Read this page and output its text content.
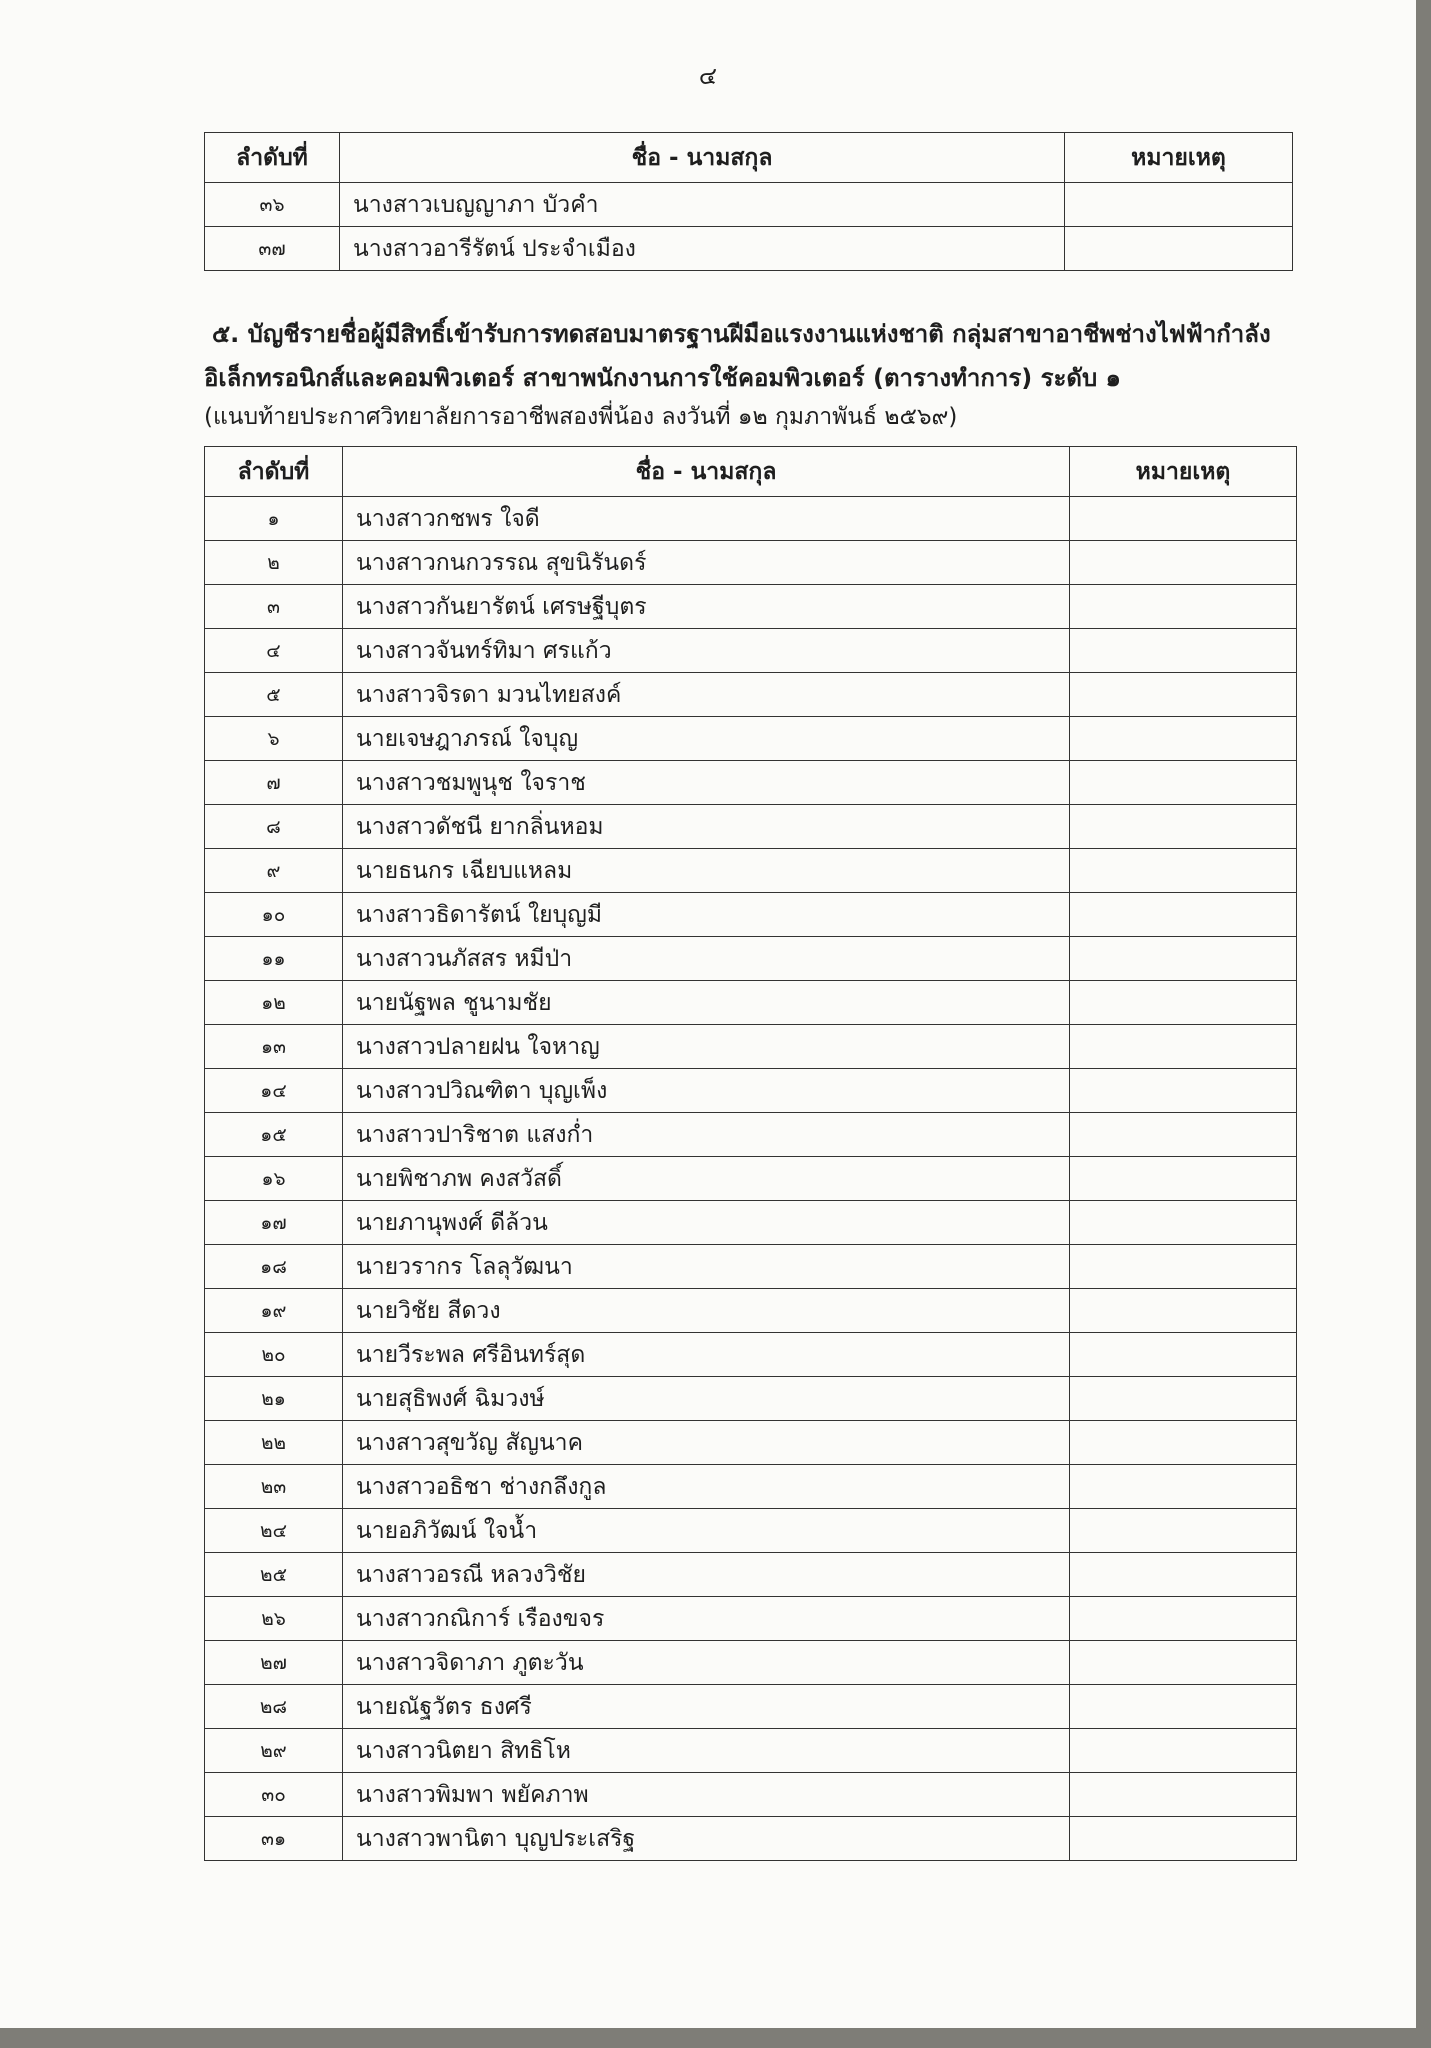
๔
ลำดับที่	ชื่อ - นามสกุล	หมายเหตุ
๓๖	นางสาวเบญญาภา บัวคำ	
๓๗	นางสาวอารีรัตน์ ประจำเมือง	
๕. บัญชีรายชื่อผู้มีสิทธิ์เข้ารับการทดสอบมาตรฐานฝีมือแรงงานแห่งชาติ กลุ่มสาขาอาชีพช่างไฟฟ้ากำลัง
อิเล็กทรอนิกส์และคอมพิวเตอร์ สาขาพนักงานการใช้คอมพิวเตอร์ (ตารางทำการ) ระดับ ๑
(แนบท้ายประกาศวิทยาลัยการอาชีพสองพี่น้อง ลงวันที่ ๑๒ กุมภาพันธ์ ๒๕๖๙)
ลำดับที่	ชื่อ - นามสกุล	หมายเหตุ
๑	นางสาวกชพร ใจดี	
๒	นางสาวกนกวรรณ สุขนิรันดร์	
๓	นางสาวกันยารัตน์ เศรษฐีบุตร	
๔	นางสาวจันทร์ทิมา ศรแก้ว	
๕	นางสาวจิรดา มวนไทยสงค์	
๖	นายเจษฎาภรณ์ ใจบุญ	
๗	นางสาวชมพูนุช ใจราช	
๘	นางสาวดัชนี ยากลิ่นหอม	
๙	นายธนกร เฉียบแหลม	
๑๐	นางสาวธิดารัตน์ ใยบุญมี	
๑๑	นางสาวนภัสสร หมีป่า	
๑๒	นายนัฐพล ชูนามชัย	
๑๓	นางสาวปลายฝน ใจหาญ	
๑๔	นางสาวปวิณฑิตา บุญเพ็ง	
๑๕	นางสาวปาริชาต แสงก่ำ	
๑๖	นายพิชาภพ คงสวัสดิ์	
๑๗	นายภานุพงศ์ ดีล้วน	
๑๘	นายวรากร โลลุวัฒนา	
๑๙	นายวิชัย สีดวง	
๒๐	นายวีระพล ศรีอินทร์สุด	
๒๑	นายสุธิพงศ์ ฉิมวงษ์	
๒๒	นางสาวสุขวัญ สัญนาค	
๒๓	นางสาวอธิชา ช่างกลึงกูล	
๒๔	นายอภิวัฒน์ ใจน้ำ	
๒๕	นางสาวอรณี หลวงวิชัย	
๒๖	นางสาวกณิการ์ เรืองขจร	
๒๗	นางสาวจิดาภา ภูตะวัน	
๒๘	นายณัฐวัตร ธงศรี	
๒๙	นางสาวนิตยา สิทธิโห	
๓๐	นางสาวพิมพา พยัคภาพ	
๓๑	นางสาวพานิตา บุญประเสริฐ	
